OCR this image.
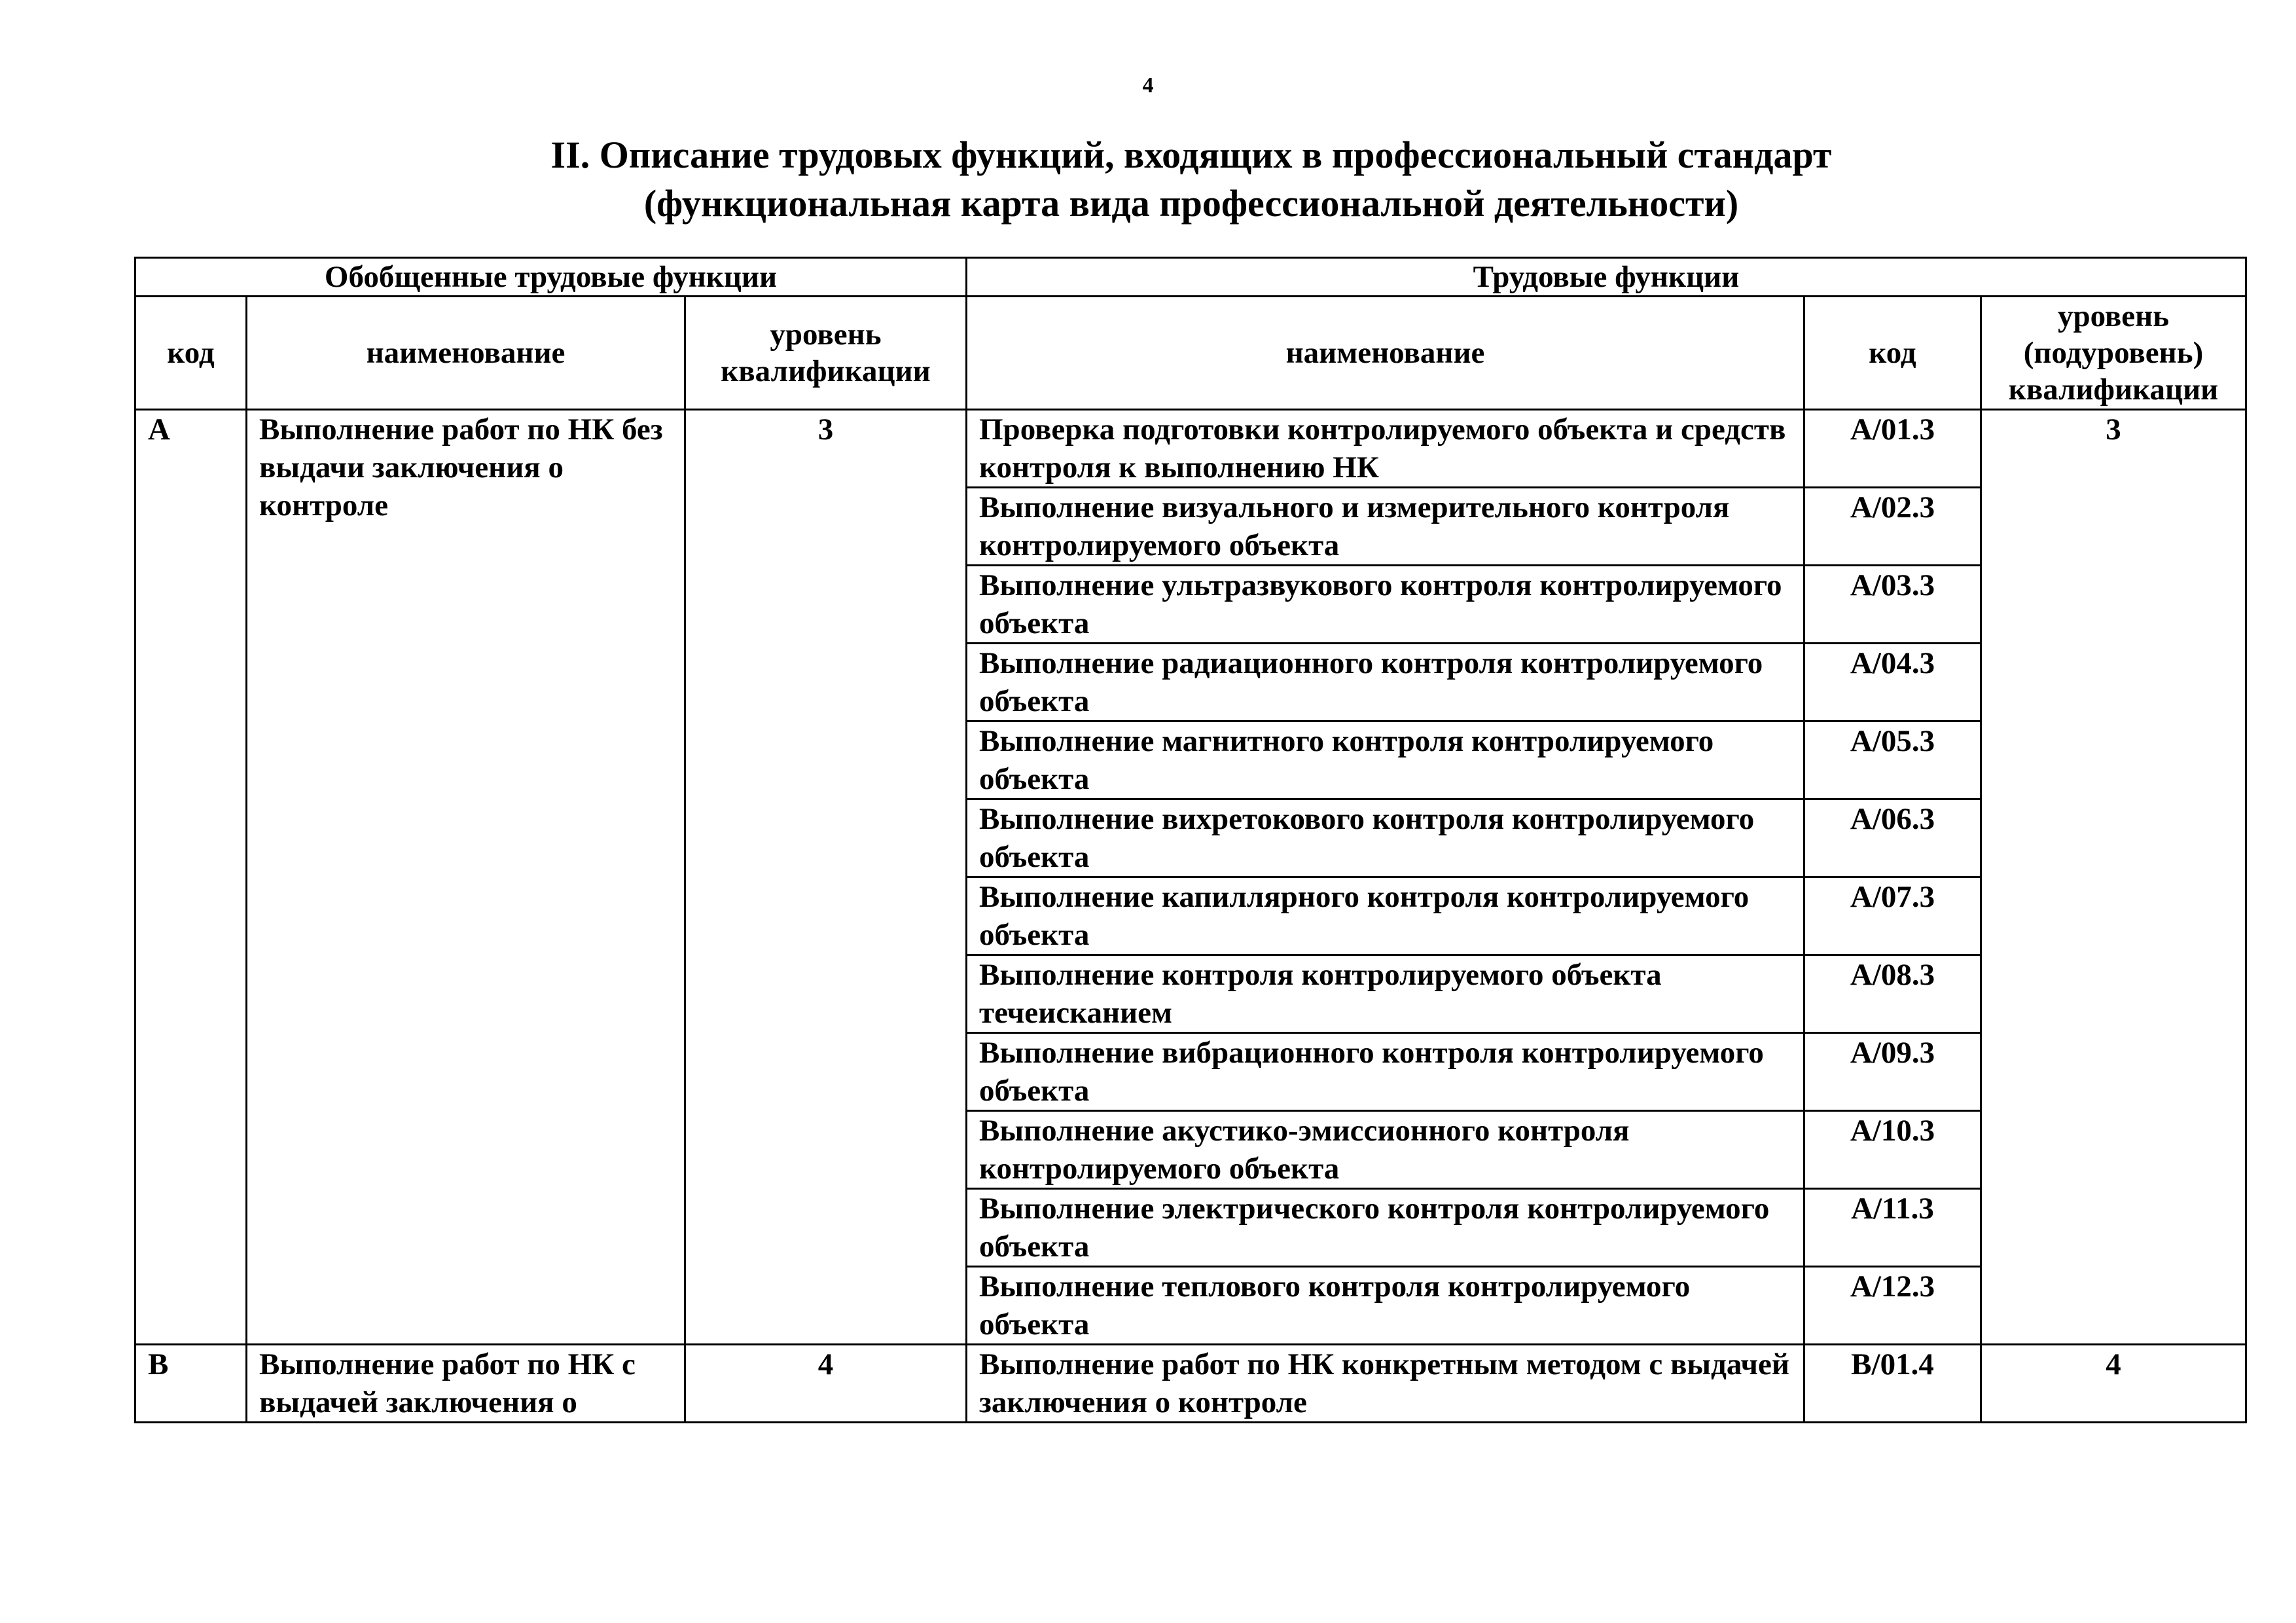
4
II. Описание трудовых функций, входящих в профессиональный стандарт
(функциональная карта вида профессиональной деятельности)
Обобщенные трудовые функции			Трудовые функции		
код	наименование	уровень квалификации	наименование	код	уровень (подуровень) квалификации
A	Выполнение работ по НК без выдачи заключения о контроле	3	Проверка подготовки контролируемого объекта и средств контроля к выполнению НК	A/01.3	3
			Выполнение визуального и измерительного контроля контролируемого объекта	A/02.3	
			Выполнение ультразвукового контроля контролируемого объекта	A/03.3	
			Выполнение радиационного контроля контролируемого объекта	A/04.3	
			Выполнение магнитного контроля контролируемого объекта	A/05.3	
			Выполнение вихретокового контроля контролируемого объекта	A/06.3	
			Выполнение капиллярного контроля контролируемого объекта	A/07.3	
			Выполнение контроля контролируемого объекта течеисканием	A/08.3	
			Выполнение вибрационного контроля контролируемого объекта	A/09.3	
			Выполнение акустико-эмиссионного контроля контролируемого объекта	A/10.3	
			Выполнение электрического контроля контролируемого объекта	A/11.3	
			Выполнение теплового контроля контролируемого объекта	A/12.3	
B	Выполнение работ по НК с выдачей заключения о	4	Выполнение работ по НК конкретным методом с выдачей заключения о контроле	B/01.4	4
